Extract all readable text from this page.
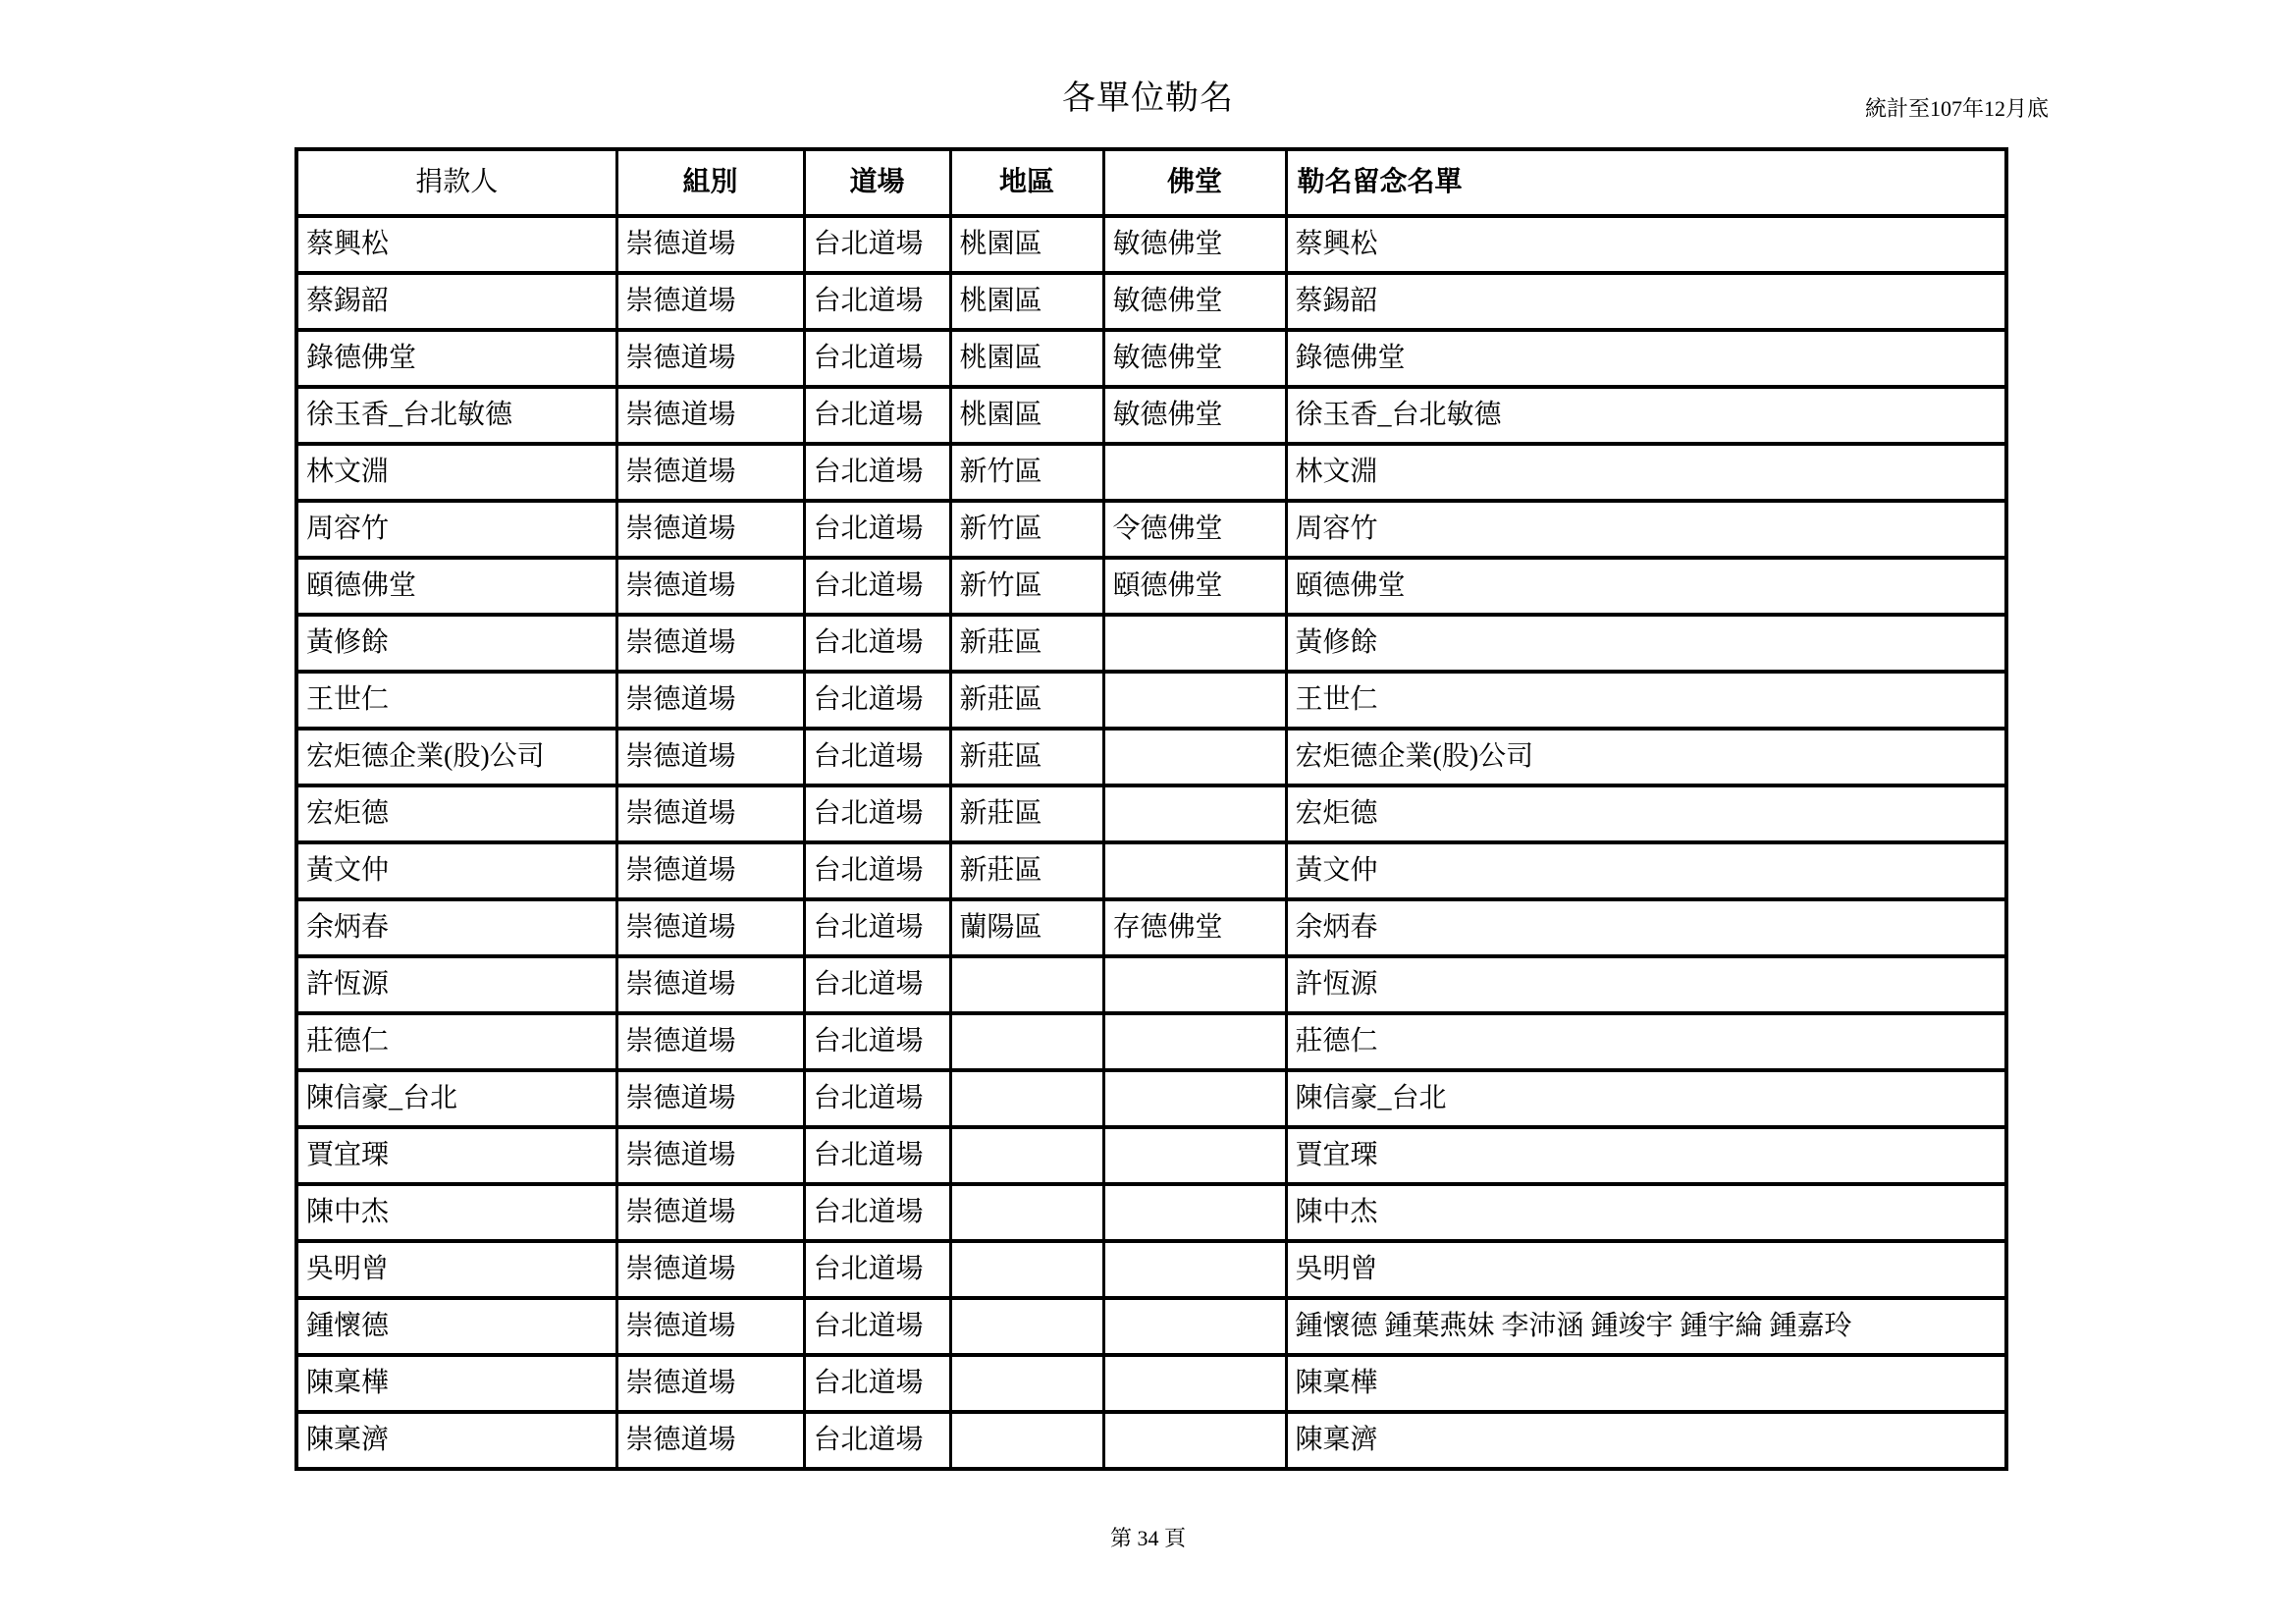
各單位勒名	統計至107年12月底
捐款人	組別	道場	地區	佛堂	勒名留念名單
蔡興松	崇德道場	台北道場	桃園區	敏德佛堂	蔡興松
蔡錫韶	崇德道場	台北道場	桃園區	敏德佛堂	蔡錫韶
錄德佛堂	崇德道場	台北道場	桃園區	敏德佛堂	錄德佛堂
徐玉香_台北敏德	崇德道場	台北道場	桃園區	敏德佛堂	徐玉香_台北敏德
林文淵	崇德道場	台北道場	新竹區		林文淵
周容竹	崇德道場	台北道場	新竹區	令德佛堂	周容竹
頤德佛堂	崇德道場	台北道場	新竹區	頤德佛堂	頤德佛堂
黃修餘	崇德道場	台北道場	新莊區		黃修餘
王世仁	崇德道場	台北道場	新莊區		王世仁
宏炬德企業(股)公司	崇德道場	台北道場	新莊區		宏炬德企業(股)公司
宏炬德	崇德道場	台北道場	新莊區		宏炬德
黃文仲	崇德道場	台北道場	新莊區		黃文仲
余炳春	崇德道場	台北道場	蘭陽區	存德佛堂	余炳春
許恆源	崇德道場	台北道場			許恆源
莊德仁	崇德道場	台北道場			莊德仁
陳信豪_台北	崇德道場	台北道場			陳信豪_台北
賈宜瑮	崇德道場	台北道場			賈宜瑮
陳中杰	崇德道場	台北道場			陳中杰
吳明曾	崇德道場	台北道場			吳明曾
鍾懷德	崇德道場	台北道場			鍾懷德 鍾葉燕妹 李沛涵 鍾竣宇 鍾宇綸 鍾嘉玲
陳稟樺	崇德道場	台北道場			陳稟樺
陳稟濟	崇德道場	台北道場			陳稟濟
第 34 頁
